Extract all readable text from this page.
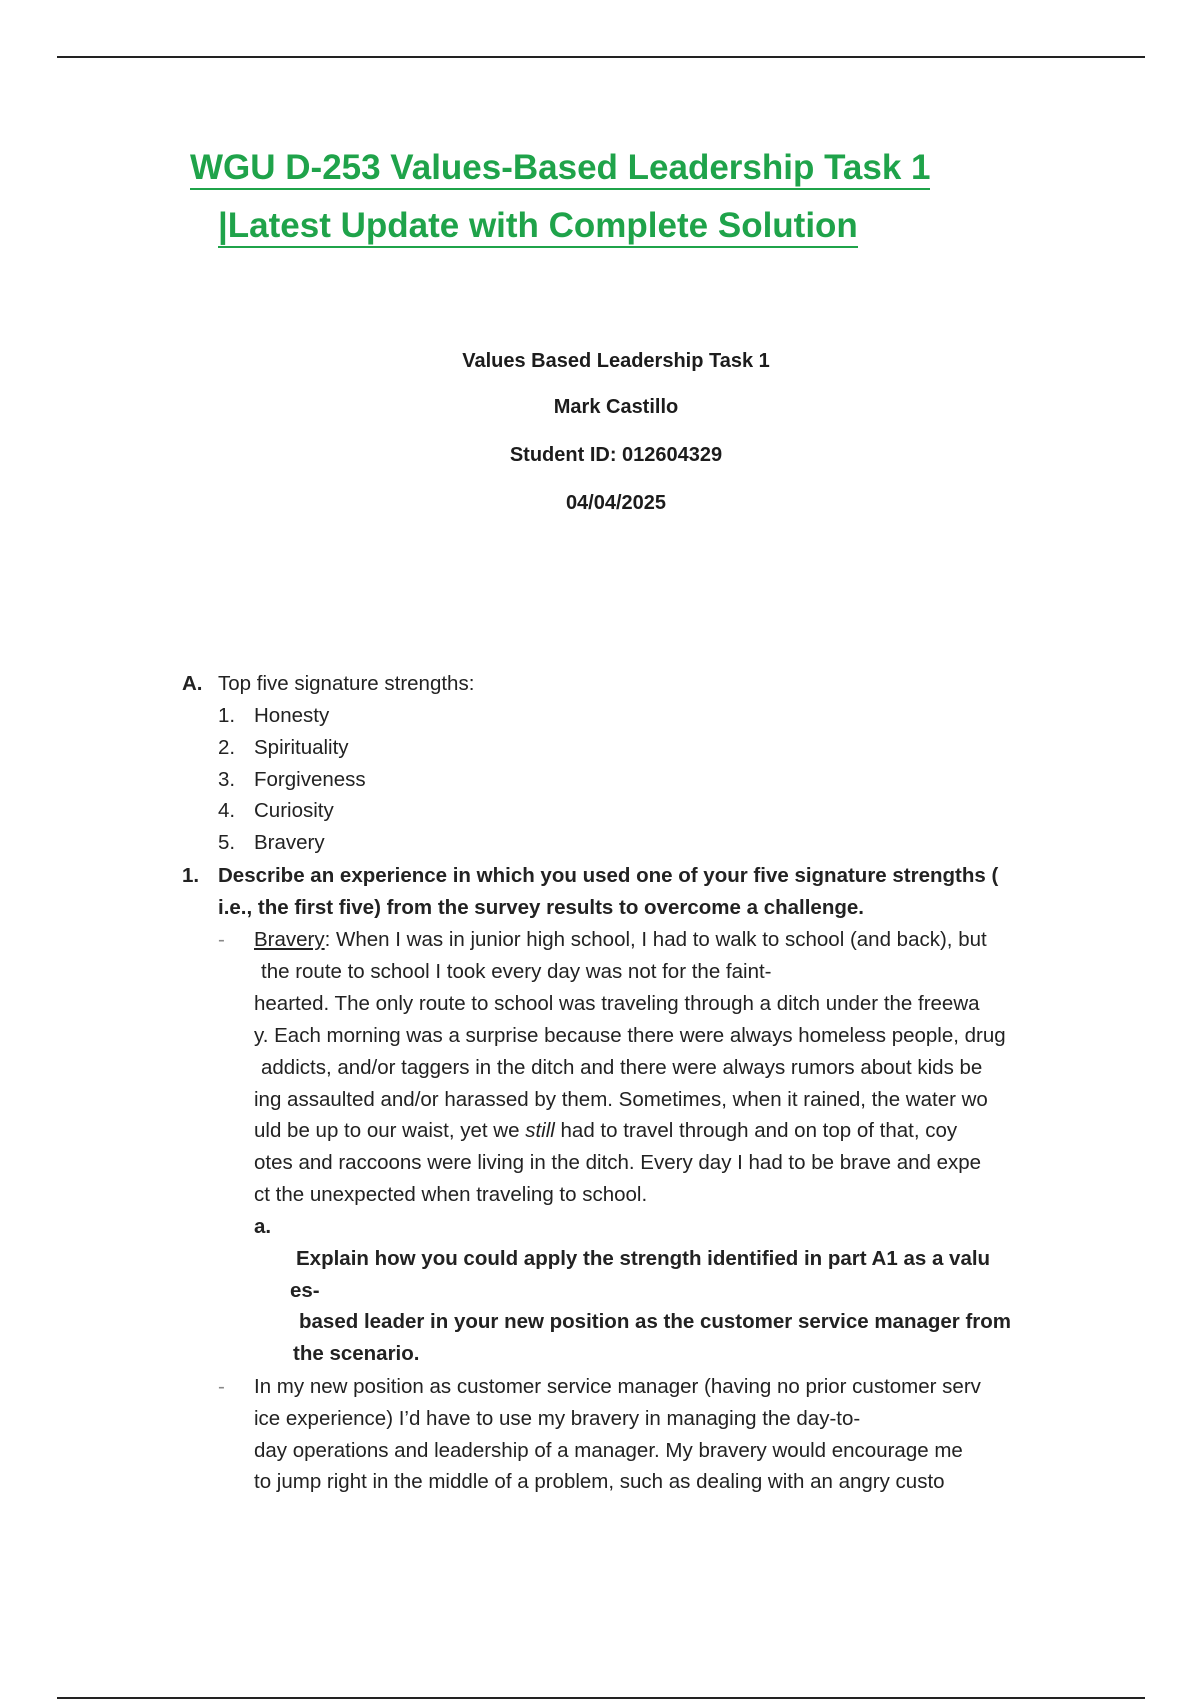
WGU D-253 Values-Based Leadership Task 1
|Latest Update with Complete Solution
Values Based Leadership Task 1
Mark Castillo
Student ID: 012604329
04/04/2025
A. Top five signature strengths:
1. Honesty
2. Spirituality
3. Forgiveness
4. Curiosity
5. Bravery
1. Describe an experience in which you used one of your five signature strengths (
i.e., the first five) from the survey results to overcome a challenge.
- Bravery: When I was in junior high school, I had to walk to school (and back), but
the route to school I took every day was not for the faint-
hearted. The only route to school was traveling through a ditch under the freewa
y. Each morning was a surprise because there were always homeless people, drug
addicts, and/or taggers in the ditch and there were always rumors about kids be
ing assaulted and/or harassed by them. Sometimes, when it rained, the water wo
uld be up to our waist, yet we still had to travel through and on top of that, coy
otes and raccoons were living in the ditch. Every day I had to be brave and expe
ct the unexpected when traveling to school.
a.
Explain how you could apply the strength identified in part A1 as a valu
es-
based leader in your new position as the customer service manager from
the scenario.
- In my new position as customer service manager (having no prior customer serv
ice experience) I’d have to use my bravery in managing the day-to-
day operations and leadership of a manager. My bravery would encourage me
to jump right in the middle of a problem, such as dealing with an angry custo
